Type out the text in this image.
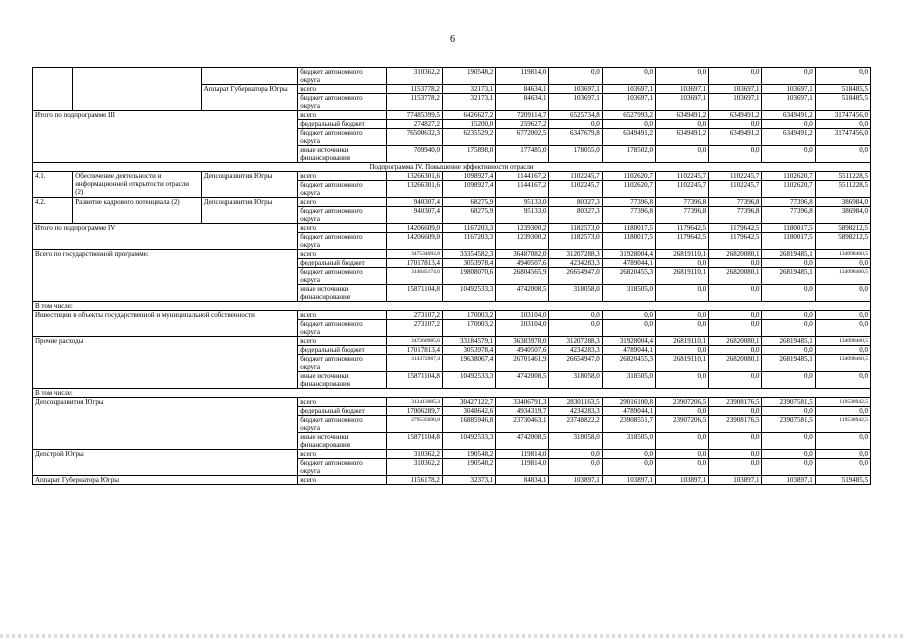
6
			бюджет автономного округа	310362,2	190548,2	119814,0	0,0	0,0	0,0	0,0	0,0	0,0
		Аппарат Губернатора Югры	всего	1153778,2	32173,1	84634,1	103697,1	103697,1	103697,1	103697,1	103697,1	518485,5
			бюджет автономного округа	1153778,2	32173,1	84634,1	103697,1	103697,1	103697,1	103697,1	103697,1	518485,5
Итого по подпрограмме III			всего	77485399,5	6426627,2	7209114,7	6525734,8	6527993,2	6349491,2	6349491,2	6349491,2	31747456,0
			федеральный бюджет	274827,2	15200,0	259627,2	0,0	0,0	0,0	0,0	0,0	0,0
			бюджет автономного округа	76500632,3	6235529,2	6772002,5	6347679,8	6349491,2	6349491,2	6349491,2	6349491,2	31747456,0
			иные источники финансирования	709940,0	175898,0	177485,0	178055,0	178502,0	0,0	0,0	0,0	0,0
Подпрограмма IV. Повышение эффективности отрасли												
4.1.	Обеспечение деятельности и информационной открытости отрасли (2)	Депсоцразвития Югры	всего	13266301,6	1098927,4	1144167,2	1102245,7	1102620,7	1102245,7	1102245,7	1102620,7	5511228,5
			бюджет автономного округа	13266301,6	1098927,4	1144167,2	1102245,7	1102620,7	1102245,7	1102245,7	1102620,7	5511228,5
4.2.	Развитие кадрового потенциала (2)	Депсоцразвития Югры	всего	940307,4	68275,9	95133,0	80327,3	77396,8	77396,8	77396,8	77396,8	386984,0
			бюджет автономного округа	940307,4	68275,9	95133,0	80327,3	77396,8	77396,8	77396,8	77396,8	386984,0
Итого по подпрограмме IV			всего	14206609,0	1167203,3	1239300,2	1182573,0	1180017,5	1179642,5	1179642,5	1180017,5	5898212,5
			бюджет автономного округа	14206609,0	1167203,3	1239300,2	1182573,0	1180017,5	1179642,5	1179642,5	1180017,5	5898212,5
Всего по государственной программе:			всего	347534092,8	33354582,3	36487082,0	31207288,3	31928004,4	26819110,1	26820080,1	26819485,1	134098460,5
			федеральный бюджет	17017813,4	3053978,4	4940507,6	4234283,3	4789044,1	0,0	0,0	0,0	0,0
			бюджет автономного округа	314645174,6	19808070,6	26804565,9	26654947,0	26820455,3	26819110,1	26820080,1	26819485,1	134098460,5
			иные источники финансирования	15871104,8	10492533,3	4742008,5	318058,0	318505,0	0,0	0,0	0,0	0,0
В том числе:												
Инвестиции в объекты государственной и муниципальной собственности			всего	273107,2	170003,2	103104,0	0,0	0,0	0,0	0,0	0,0	0,0
			бюджет автономного округа	273107,2	170003,2	103104,0	0,0	0,0	0,0	0,0	0,0	0,0
Прочие расходы			всего	347260985,6	33184579,1	36383978,0	31207288,3	31928004,4	26819110,1	26820080,1	26819485,1	134098460,5
			федеральный бюджет	17017813,4	3053978,4	4940507,6	4234283,3	4789044,1	0,0	0,0	0,0	0,0
			бюджет автономного округа	314372067,4	19638067,4	26701461,9	26654947,0	26820455,3	26819110,1	26820080,1	26819485,1	134098460,5
			иные источники финансирования	15871104,8	10492533,3	4742008,5	318058,0	318505,0	0,0	0,0	0,0	0,0
В том числе:												
Депсоцразвития Югры			всего	312413085,3	30427122,7	33406791,3	28301163,5	29016100,8	23907206,5	23908176,5	23907581,5	119538942,5
			федеральный бюджет	17006289,7	3048642,6	4934319,7	4234283,3	4789044,1	0,0	0,0	0,0	0,0
			бюджет автономного округа	279535690,8	16885946,8	23730463,1	23748822,2	23908551,7	23907206,5	23908176,5	23907581,5	119538942,5
			иные источники финансирования	15871104,8	10492533,3	4742008,5	318058,0	318505,0	0,0	0,0	0,0	0,0
Депстрой Югры			всего	310362,2	190548,2	119814,0	0,0	0,0	0,0	0,0	0,0	0,0
			бюджет автономного округа	310362,2	190548,2	119814,0	0,0	0,0	0,0	0,0	0,0	0,0
Аппарат Губернатора Югры			всего	1156178,2	32373,1	84834,1	103897,1	103897,1	103897,1	103897,1	103897,1	519485,5
